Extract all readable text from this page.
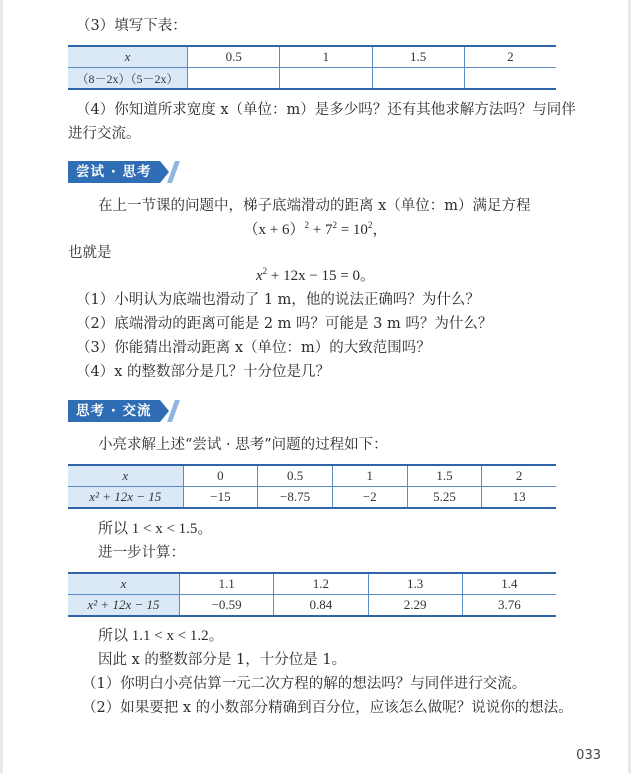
（3）填写下表：
x	0.5	1	1.5	2
（8－2x）（5－2x）				
（4）你知道所求宽度 x（单位：m）是多少吗？还有其他求解方法吗？与同伴
进行交流。
尝试 · 思考
在上一节课的问题中，梯子底端滑动的距离 x（单位：m）满足方程
$(x + 6)^2 + 7^2 = 10^2$，
也就是
$x^2 + 12x - 15 = 0$。
（1）小明认为底端也滑动了 1 m，他的说法正确吗？为什么？
（2）底端滑动的距离可能是 2 m 吗？可能是 3 m 吗？为什么？
（3）你能猜出滑动距离 x（单位：m）的大致范围吗？
（4）x 的整数部分是几？十分位是几？
思考 · 交流
小亮求解上述“尝试 · 思考”问题的过程如下：
x	0	0.5	1	1.5	2
x² + 12x − 15	−15	−8.75	−2	5.25	13
所以 1 < x < 1.5。
进一步计算：
x	1.1	1.2	1.3	1.4
x² + 12x − 15	−0.59	0.84	2.29	3.76
所以 1.1 < x < 1.2。
因此 x 的整数部分是 1，十分位是 1。
（1）你明白小亮估算一元二次方程的解的想法吗？与同伴进行交流。
（2）如果要把 x 的小数部分精确到百分位，应该怎么做呢？说说你的想法。
033
